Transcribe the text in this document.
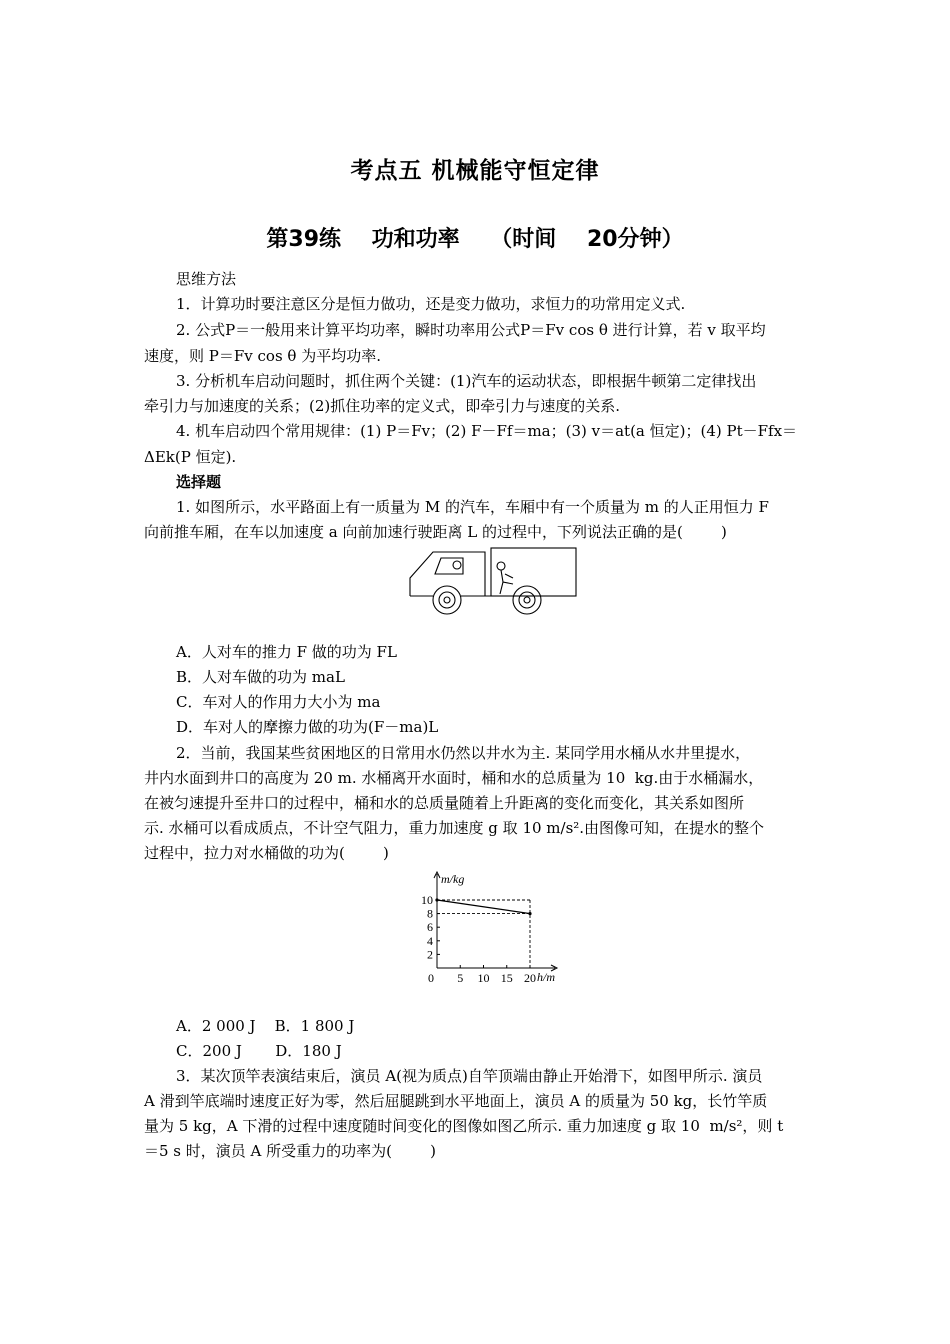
考点五 机械能守恒定律
第39练    功和功率    （时间    20分钟）
思维方法
1．计算功时要注意区分是恒力做功，还是变力做功，求恒力的功常用定义式.
2. 公式P＝一般用来计算平均功率，瞬时功率用公式P＝Fv cos θ 进行计算，若 v 取平均
速度，则 P＝Fv cos θ 为平均功率.
3. 分析机车启动问题时，抓住两个关键：(1)汽车的运动状态，即根据牛顿第二定律找出
牵引力与加速度的关系；(2)抓住功率的定义式，即牵引力与速度的关系.
4. 机车启动四个常用规律：(1) P＝Fv；(2) F－Ff＝ma；(3) v＝at(a 恒定)；(4) Pt－Ffx＝
ΔEk(P 恒定).
选择题
1. 如图所示，水平路面上有一质量为 M 的汽车，车厢中有一个质量为 m 的人正用恒力 F
向前推车厢，在车以加速度 a 向前加速行驶距离 L 的过程中，下列说法正确的是(        )
A．人对车的推力 F 做的功为 FL
B．人对车做的功为 maL
C．车对人的作用力大小为 ma
D．车对人的摩擦力做的功为(F－ma)L
2．当前，我国某些贫困地区的日常用水仍然以井水为主. 某同学用水桶从水井里提水，
井内水面到井口的高度为 20 m. 水桶离开水面时，桶和水的总质量为 10  kg.由于水桶漏水，
在被匀速提升至井口的过程中，桶和水的总质量随着上升距离的变化而变化，其关系如图所
示. 水桶可以看成质点，不计空气阻力，重力加速度 g 取 10 m/s².由图像可知，在提水的整个
过程中，拉力对水桶做的功为(        )
m/kg
h/m
2
4
6
8
10
0 5 10 15 20
A．2 000 J    B．1 800 J
C．200 J       D．180 J
3．某次顶竿表演结束后，演员 A(视为质点)自竿顶端由静止开始滑下，如图甲所示. 演员
A 滑到竿底端时速度正好为零，然后屈腿跳到水平地面上，演员 A 的质量为 50 kg，长竹竿质
量为 5 kg，A 下滑的过程中速度随时间变化的图像如图乙所示. 重力加速度 g 取 10  m/s²，则 t
＝5 s 时，演员 A 所受重力的功率为(        )
